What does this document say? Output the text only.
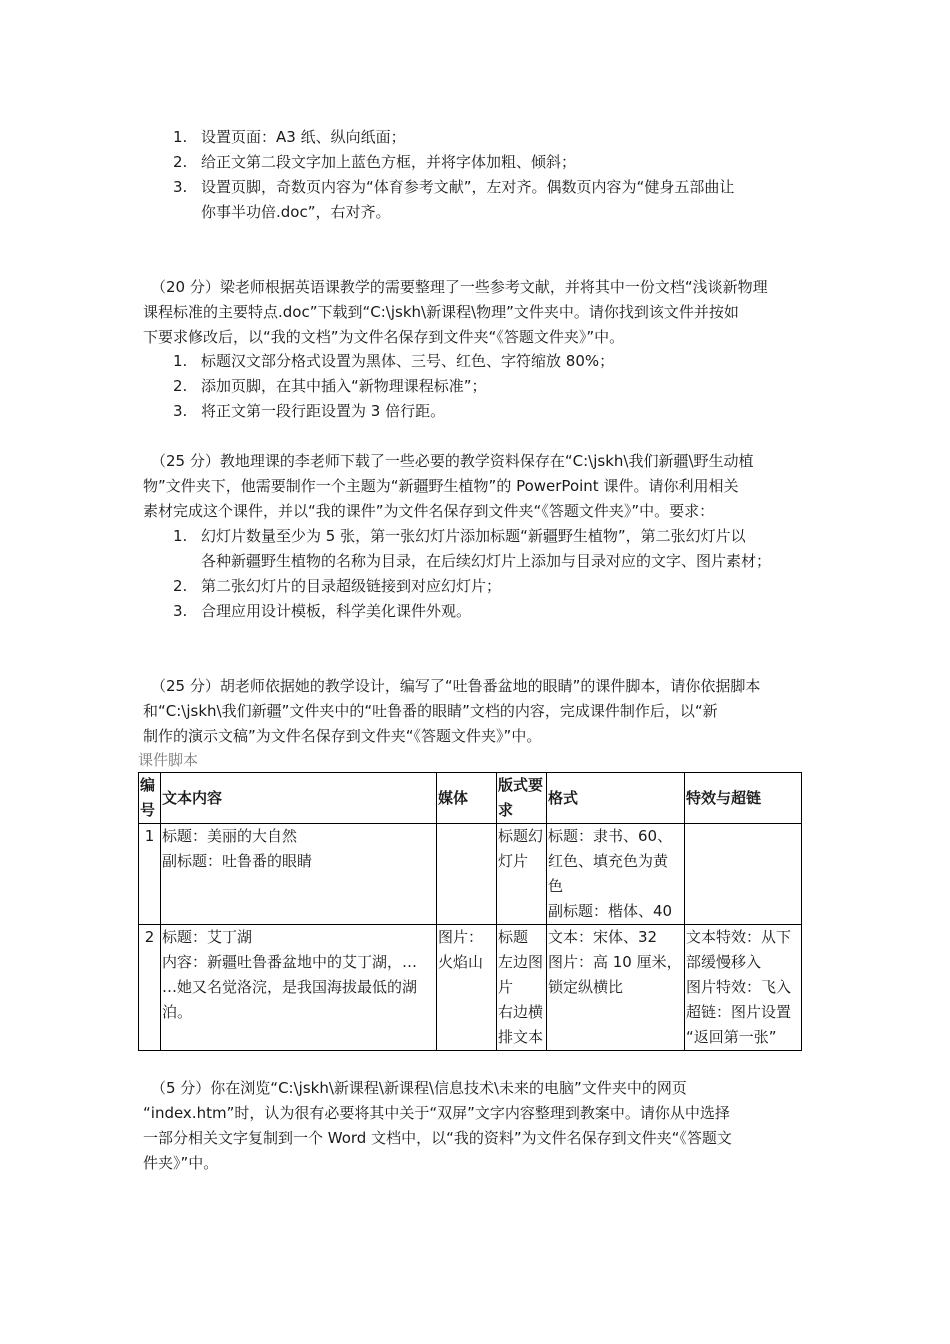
1. 设置页面：A3 纸、纵向纸面；
2. 给正文第二段文字加上蓝色方框，并将字体加粗、倾斜；
3. 设置页脚，奇数页内容为“体育参考文献”，左对齐。偶数页内容为“健身五部曲让
你事半功倍.doc”，右对齐。
（20 分）梁老师根据英语课教学的需要整理了一些参考文献，并将其中一份文档“浅谈新物理
课程标准的主要特点.doc”下载到“C:\jskh\新课程\物理”文件夹中。请你找到该文件并按如
下要求修改后，以“我的文档”为文件名保存到文件夹“《答题文件夹》”中。
1. 标题汉文部分格式设置为黑体、三号、红色、字符缩放 80%；
2. 添加页脚，在其中插入“新物理课程标准”；
3. 将正文第一段行距设置为 3 倍行距。
（25 分）教地理课的李老师下载了一些必要的教学资料保存在“C:\jskh\我们新疆\野生动植
物”文件夹下，他需要制作一个主题为“新疆野生植物”的 PowerPoint 课件。请你利用相关
素材完成这个课件，并以“我的课件”为文件名保存到文件夹“《答题文件夹》”中。要求：
1. 幻灯片数量至少为 5 张，第一张幻灯片添加标题“新疆野生植物”，第二张幻灯片以
各种新疆野生植物的名称为目录，在后续幻灯片上添加与目录对应的文字、图片素材；
2. 第二张幻灯片的目录超级链接到对应幻灯片；
3. 合理应用设计模板，科学美化课件外观。
（25 分）胡老师依据她的教学设计，编写了“吐鲁番盆地的眼睛”的课件脚本，请你依据脚本
和“C:\jskh\我们新疆”文件夹中的“吐鲁番的眼睛”文档的内容，完成课件制作后，以“新
制作的演示文稿”为文件名保存到文件夹“《答题文件夹》”中。
课件脚本
编号	文本内容	媒体	版式要求	格式	特效与超链
1	标题：美丽的大自然
副标题：吐鲁番的眼睛		标题幻
灯片	标题：隶书、60、
红色、填充色为黄
色
副标题：楷体、40	

2	标题：艾丁湖
内容：新疆吐鲁番盆地中的艾丁湖，…
…她又名觉洛浣，是我国海拔最低的湖
泊。	图片：
火焰山	标题
左边图
片
右边横
排文本	文本：宋体、32
图片：高 10 厘米，
锁定纵横比	文本特效：从下
部缓慢移入
图片特效：飞入
超链：图片设置
“返回第一张”
（5 分）你在浏览“C:\jskh\新课程\新课程\信息技术\未来的电脑”文件夹中的网页
“index.htm”时，认为很有必要将其中关于“双屏”文字内容整理到教案中。请你从中选择
一部分相关文字复制到一个 Word 文档中，以“我的资料”为文件名保存到文件夹“《答题文
件夹》”中。
